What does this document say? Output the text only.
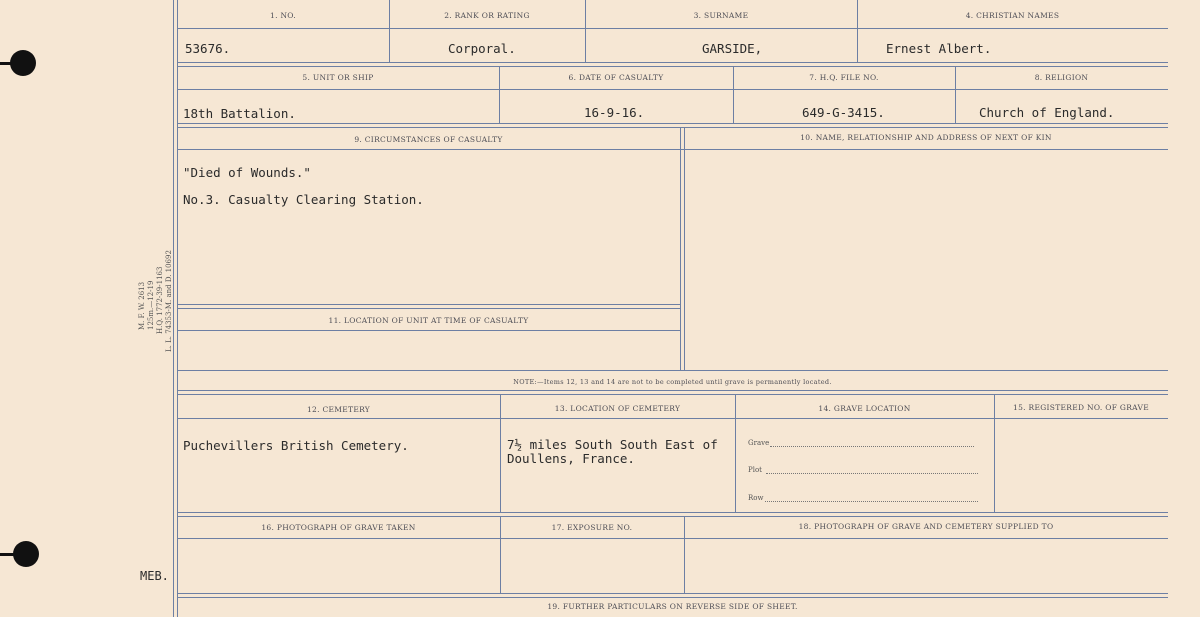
M. F. W. 2613 125m.—12-19 H.Q. 1772-39-1163 L. L. 74353-M. and D. 10692
MEB.
1. NO.	2. RANK OR RATING	3. SURNAME	4. CHRISTIAN NAMES
53676.	Corporal.	GARSIDE,	Ernest Albert.
5. UNIT OR SHIP	6. DATE OF CASUALTY	7. H.Q. FILE NO.	8. RELIGION
18th Battalion.	16-9-16.	649-G-3415.	Church of England.
9. CIRCUMSTANCES OF CASUALTY	10. NAME, RELATIONSHIP AND ADDRESS OF NEXT OF KIN
11. LOCATION OF UNIT AT TIME OF CASUALTY
"Died of Wounds."
No.3. Casualty Clearing Station.
NOTE:—Items 12, 13 and 14 are not to be completed until grave is permanently located.
12. CEMETERY	13. LOCATION OF CEMETERY	14. GRAVE LOCATION	15. REGISTERED NO. OF GRAVE
Puchevillers British Cemetery.	7½ miles South South East of
Doullens, France.
Grave
Plot
Row
16. PHOTOGRAPH OF GRAVE TAKEN	17. EXPOSURE NO.	18. PHOTOGRAPH OF GRAVE AND CEMETERY SUPPLIED TO
19. FURTHER PARTICULARS ON REVERSE SIDE OF SHEET.
